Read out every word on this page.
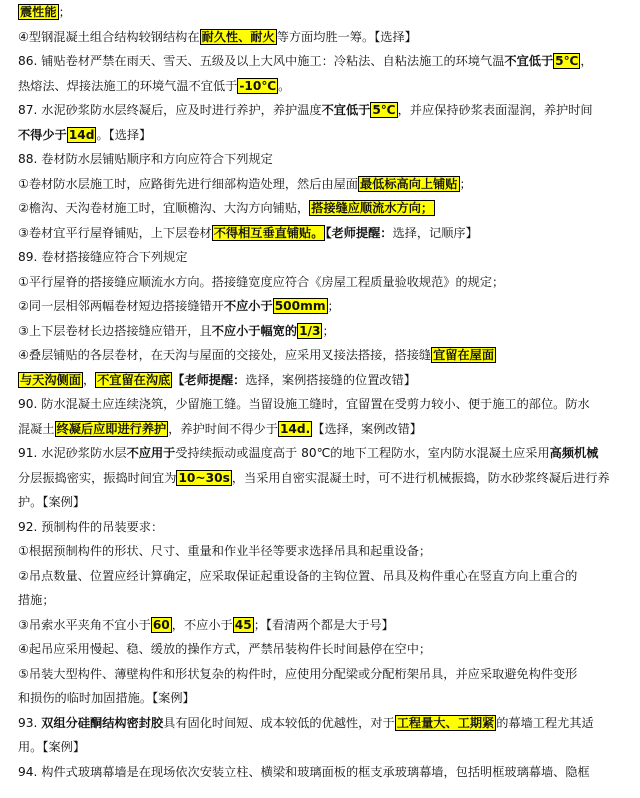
震性能 ；
④型钢混凝土组合结构较钢结构在 耐久性、耐火 等方面均胜一筹。【选择】
86. 铺贴卷材严禁在雨天、雪天、五级及以上大风中施工：冷粘法、自粘法施工的环境气温不宜低于 5℃ ，
热熔法、焊接法施工的环境气温不宜低于 -10℃ 。
87. 水泥砂浆防水层终凝后，应及时进行养护，养护温度不宜低于 5℃ ，并应保持砂浆表面湿润，养护时间
不得少于 14d 。【选择】
88. 卷材防水层铺贴顺序和方向应符合下列规定
①卷材防水层施工时，应路街先进行细部构造处理，然后由屋面 最低标高向上铺贴 ；
②檐沟、天沟卷材施工时，宜顺檐沟、大沟方向铺贴， 搭接缝应顺流水方向；
③卷材宜平行屋脊铺贴，上下层卷材 不得相互垂直铺贴。 【老师提醒：选择，记顺序】
89. 卷材搭接缝应符合下列规定
①平行屋脊的搭接缝应顺流水方向。搭接缝宽度应符合《房屋工程质量验收规范》的规定；
②同一层相邻两幅卷材短边搭接缝错开不应小于 500mm ；
③上下层卷材长边搭接缝应错开，且不应小于幅宽的 1/3 ；
④叠层铺贴的各层卷材，在天沟与屋面的交接处，应采用叉接法搭接，搭接缝 宜留在屋面
与天沟侧面 ， 不宜留在沟底 【老师提醒：选择，案例搭接缝的位置改错】
90. 防水混凝土应连续浇筑，少留施工缝。当留设施工缝时，宜留置在受剪力较小、便于施工的部位。防水
混凝土 终凝后应即进行养护 ，养护时间不得少于 14d. 【选择，案例改错】
91. 水泥砂浆防水层不应用于受持续振动或温度高于 80℃的地下工程防水，室内防水混凝土应采用高频机械
分层振捣密实，振捣时间宜为 10~30s ，当采用自密实混凝土时，可不进行机械振捣，防水砂浆终凝后进行养
护。【案例】
92. 预制构件的吊装要求：
①根据预制构件的形状、尺寸、重量和作业半径等要求选择吊具和起重设备；
②吊点数量、位置应经计算确定，应采取保证起重设备的主钩位置、吊具及构件重心在竖直方向上重合的
措施；
③吊索水平夹角不宜小于 60 ，不应小于 45 ；【看清两个都是大于号】
④起吊应采用慢起、稳、缓放的操作方式，严禁吊装构件长时间悬停在空中；
⑤吊装大型构件、薄壁构件和形状复杂的构件时，应使用分配梁或分配桁架吊具，并应采取避免构件变形
和损伤的临时加固措施。【案例】
93. 双组分硅酮结构密封胶具有固化时间短、成本较低的优越性，对于 工程量大、工期紧 的幕墙工程尤其适
用。【案例】
94. 构件式玻璃幕墙是在现场依次安装立柱、横梁和玻璃面板的框支承玻璃幕墙，包括明框玻璃幕墙、隐框
